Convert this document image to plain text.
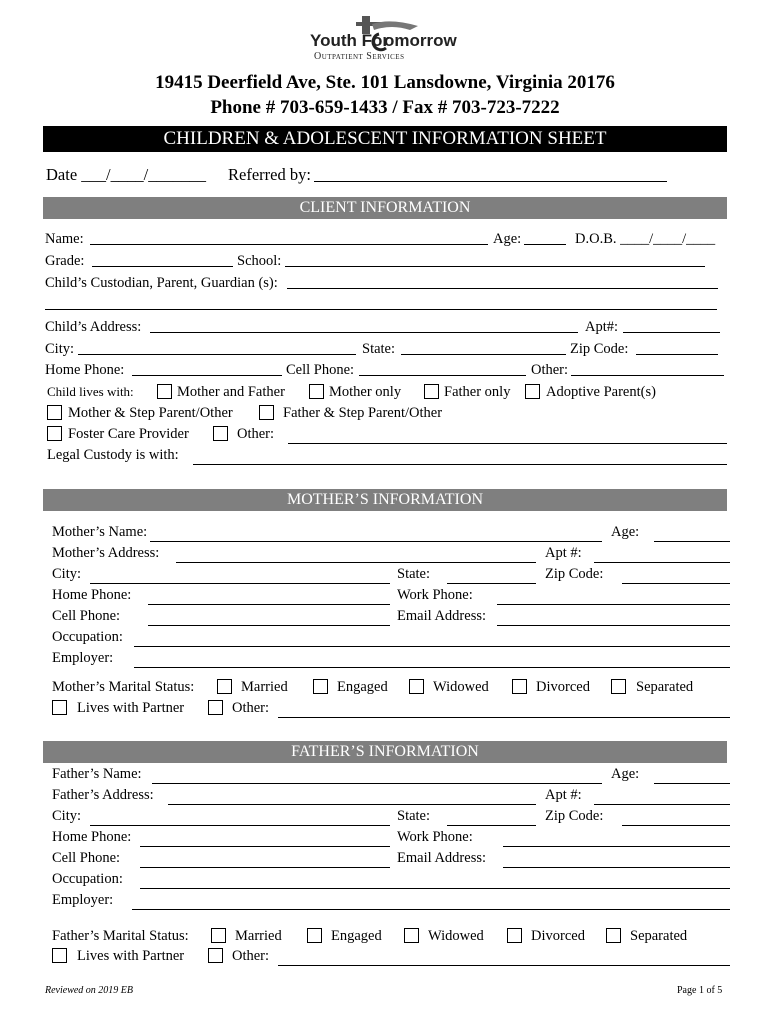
Youth For
omorrow
Outpatient Services
19415 Deerfield Ave, Ste. 101 Lansdowne, Virginia 20176
Phone # 703-659-1433 / Fax # 703-723-7222
CHILDREN & ADOLESCENT INFORMATION SHEET
Date ___/____/_______ Referred by:
CLIENT INFORMATION
Name:	Age:	D.O.B. ____/____/____
Grade:	School:
Child’s Custodian, Parent, Guardian (s):
Child’s Address:	Apt#:
City:	State:	Zip Code:
Home Phone:	Cell Phone:	Other:
Child lives with:	Mother and Father	Mother only	Father only Adoptive Parent(s)
Mother & Step Parent/Other	Father & Step Parent/Other
Foster Care Provider	Other:
Legal Custody is with:
MOTHER’S INFORMATION
Mother’s Name:	Age:
Mother’s Address:	Apt #:
City:	State:	Zip Code:
Home Phone:	Work Phone:
Cell Phone:	Email Address:
Occupation:
Employer:
Mother’s Marital Status:	Married	Engaged	Widowed	Divorced	Separated
Lives with Partner	Other:
FATHER’S INFORMATION
Father’s Name:	Age:
Father’s Address:	Apt #:
City:	State:	Zip Code:
Home Phone:	Work Phone:
Cell Phone:	Email Address:
Occupation:
Employer:
Father’s Marital Status:	Married	Engaged	Widowed	Divorced	Separated
Lives with Partner	Other:
Reviewed on 2019 EB	Page 1 of 5
